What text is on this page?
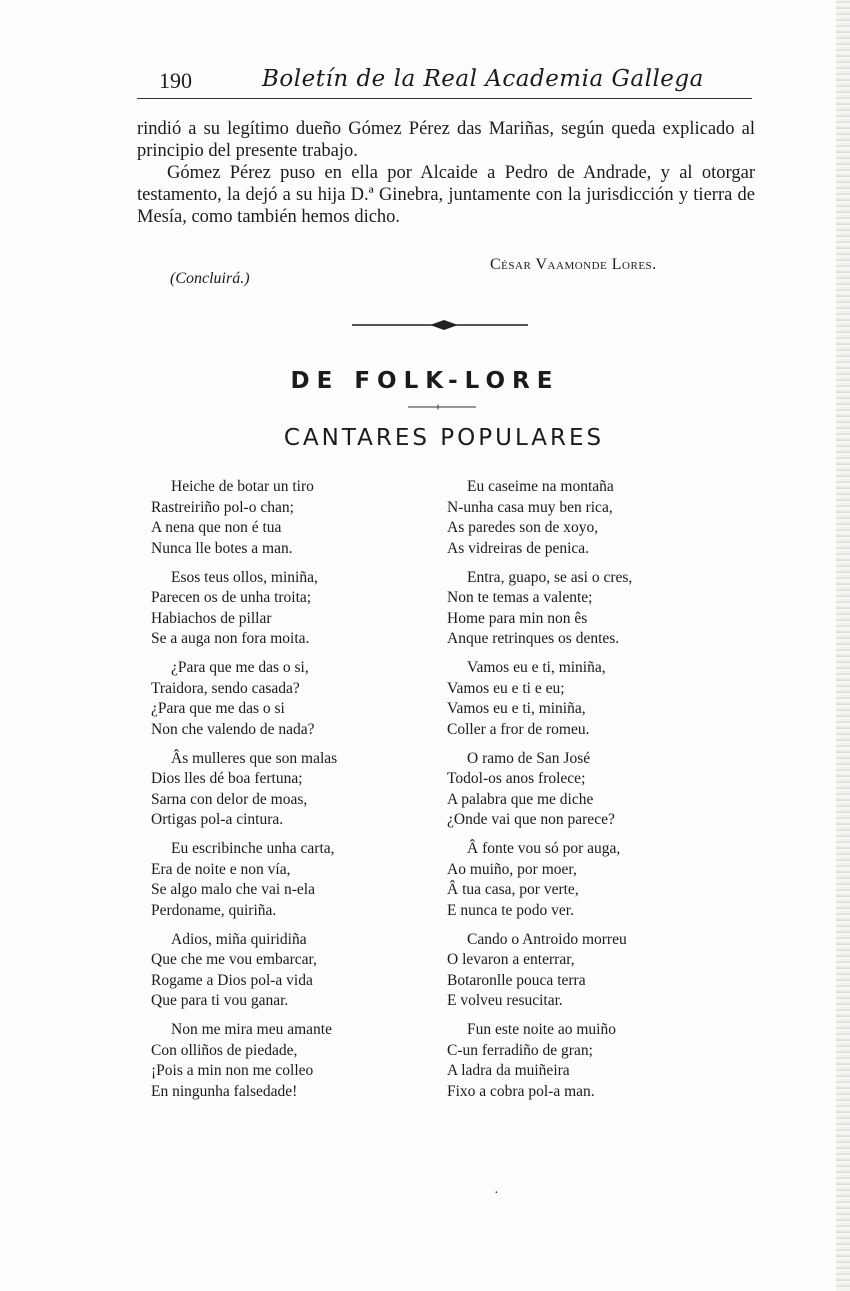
190	Boletín de la Real Academia Gallega

rindió a su legítimo dueño Gómez Pérez das Mariñas, según queda explicado al principio del presente trabajo.

Gómez Pérez puso en ella por Alcaide a Pedro de Andrade, y al otorgar testamento, la dejó a su hija D.ª Ginebra, juntamente con la jurisdicción y tierra de Mesía, como también hemos dicho.

César Vaamonde Lores.
(Concluirá.)
DE FOLK-LORE
CANTARES POPULARES
Heiche de botar un tiro
Rastreiriño pol-o chan;
A nena que non é tua
Nunca lle botes a man.
Esos teus ollos, miniña,
Parecen os de unha troita;
Habiachos de pillar
Se a auga non fora moita.
¿Para que me das o si,
Traidora, sendo casada?
¿Para que me das o si
Non che valendo de nada?
Âs mulleres que son malas
Dios lles dé boa fertuna;
Sarna con delor de moas,
Ortigas pol-a cintura.
Eu escribinche unha carta,
Era de noite e non vía,
Se algo malo che vai n-ela
Perdoname, quiriña.
Adios, miña quiridiña
Que che me vou embarcar,
Rogame a Dios pol-a vida
Que para ti vou ganar.
Non me mira meu amante
Con olliños de piedade,
¡Pois a min non me colleo
En ningunha falsedade!
Eu caseime na montaña
N-unha casa muy ben rica,
As paredes son de xoyo,
As vidreiras de penica.
Entra, guapo, se asi o cres,
Non te temas a valente;
Home para min non ês
Anque retrinques os dentes.
Vamos eu e ti, miniña,
Vamos eu e ti e eu;
Vamos eu e ti, miniña,
Coller a fror de romeu.
O ramo de San José
Todol-os anos frolece;
A palabra que me diche
¿Onde vai que non parece?
Â fonte vou só por auga,
Ao muiño, por moer,
Â tua casa, por verte,
E nunca te podo ver.
Cando o Antroido morreu
O levaron a enterrar,
Botaronlle pouca terra
E volveu resucitar.
Fun este noite ao muiño
C-un ferradiño de gran;
A ladra da muiñeira
Fixo a cobra pol-a man.
·
